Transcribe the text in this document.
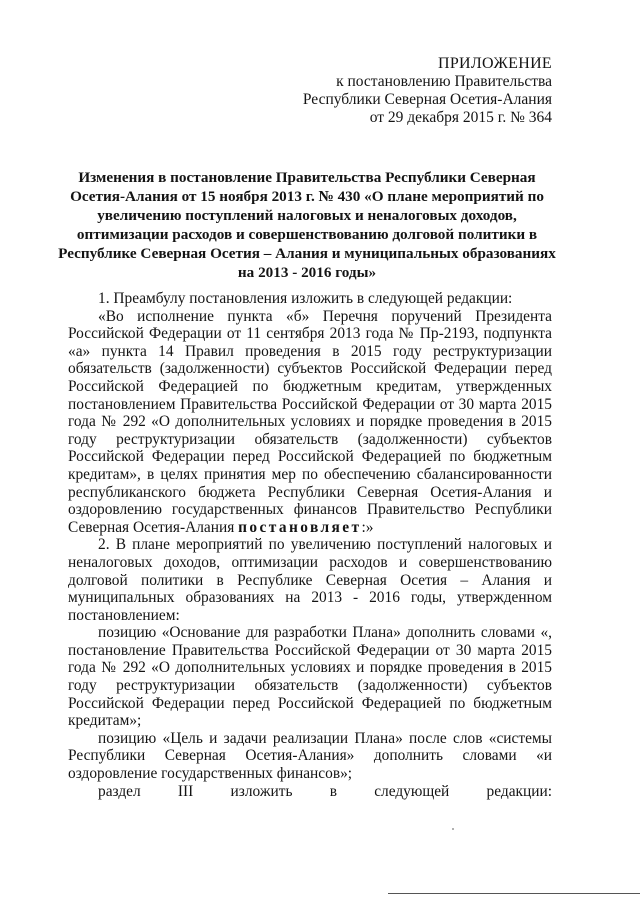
ПРИЛОЖЕНИЕ
к постановлению Правительства
Республики Северная Осетия-Алания
от 29 декабря 2015 г. № 364
Изменения в постановление Правительства Республики Северная Осетия-Алания от 15 ноября 2013 г. № 430 «О плане мероприятий по увеличению поступлений налоговых и неналоговых доходов, оптимизации расходов и совершенствованию долговой политики в Республике Северная Осетия – Алания и муниципальных образованиях на 2013 - 2016 годы»

1. Преамбулу постановления изложить в следующей редакции:

«Во исполнение пункта «б» Перечня поручений Президента Российской Федерации от 11 сентября 2013 года № Пр-2193, подпункта «а» пункта 14 Правил проведения в 2015 году реструктуризации обязательств (задолженности) субъектов Российской Федерации перед Российской Федерацией по бюджетным кредитам, утвержденных постановлением Правительства Российской Федерации от 30 марта 2015 года № 292 «О дополнительных условиях и порядке проведения в 2015 году реструктуризации обязательств (задолженности) субъектов Российской Федерации перед Российской Федерацией по бюджетным кредитам», в целях принятия мер по обеспечению сбалансированности республиканского бюджета Республики Северная Осетия-Алания и оздоровлению государственных финансов Правительство Республики Северная Осетия-Алания постановляет:»

2. В плане мероприятий по увеличению поступлений налоговых и неналоговых доходов, оптимизации расходов и совершенствованию долговой политики в Республике Северная Осетия – Алания и муниципальных образованиях на 2013 - 2016 годы, утвержденном постановлением:

позицию «Основание для разработки Плана» дополнить словами «, постановление Правительства Российской Федерации от 30 марта 2015 года № 292 «О дополнительных условиях и порядке проведения в 2015 году реструктуризации обязательств (задолженности) субъектов Российской Федерации перед Российской Федерацией по бюджетным кредитам»;

позицию «Цель и задачи реализации Плана» после слов «системы Республики Северная Осетия-Алания» дополнить словами «и оздоровление государственных финансов»;

раздел III изложить в следующей редакции:
